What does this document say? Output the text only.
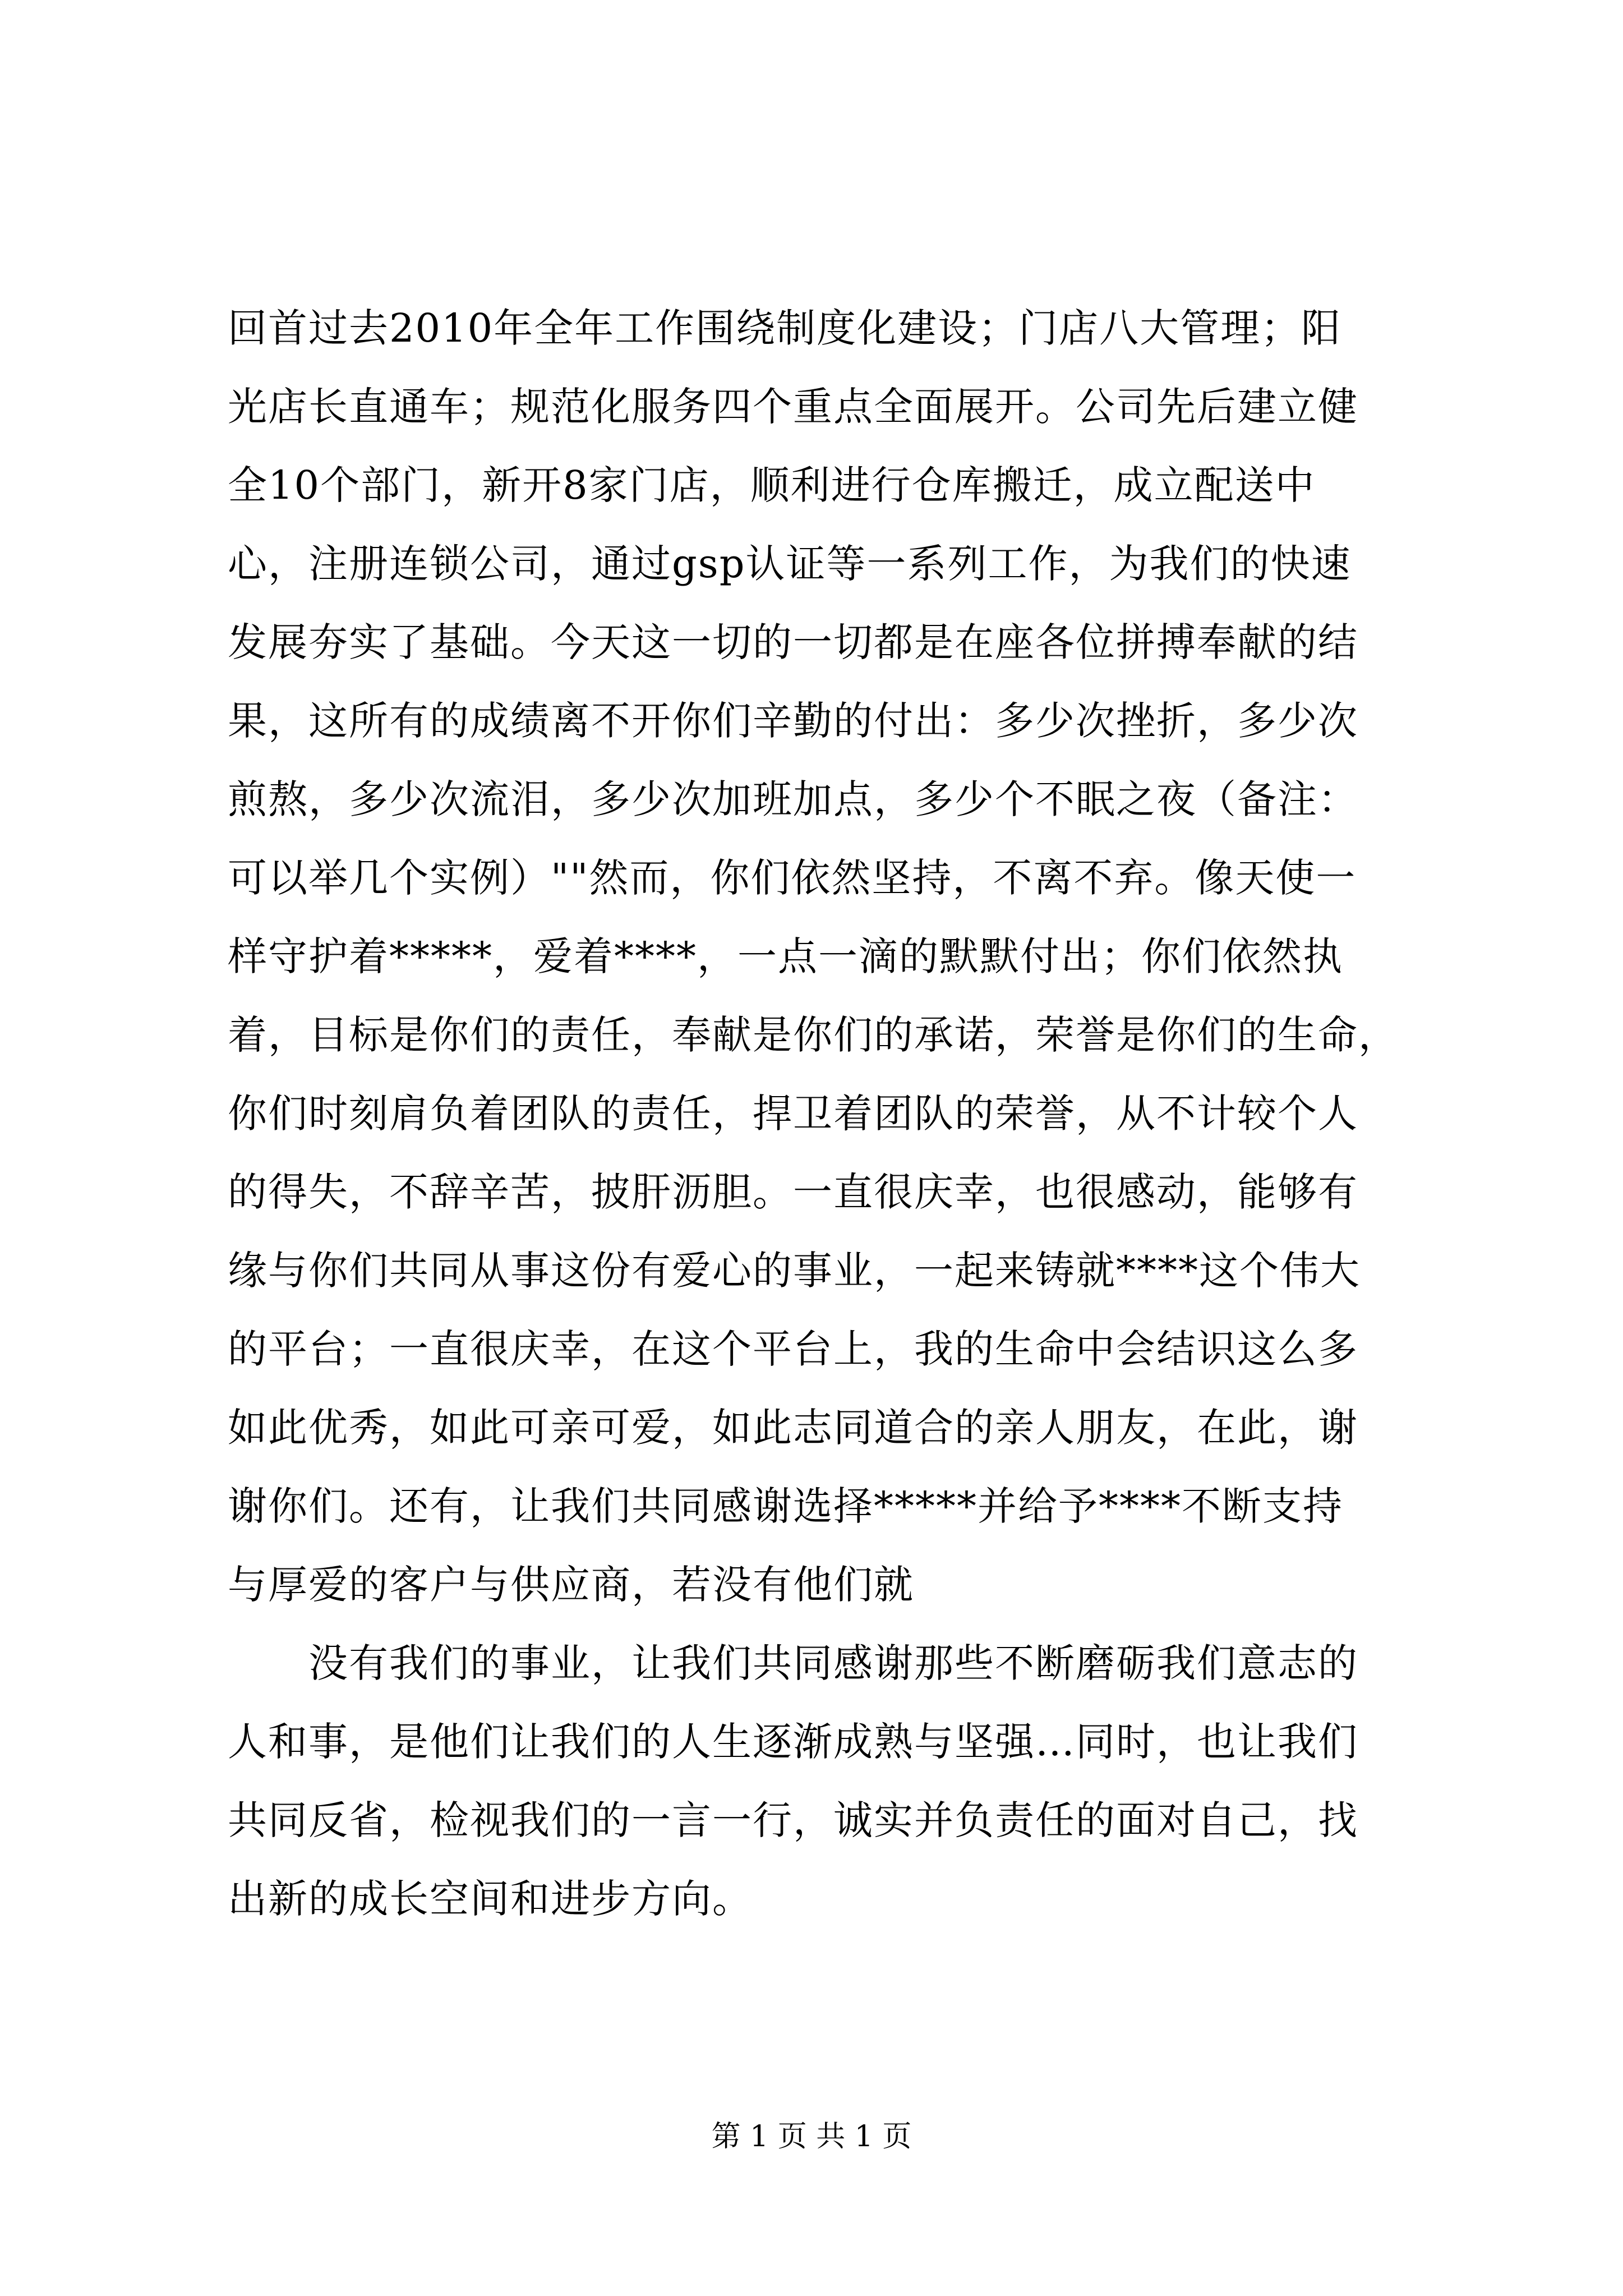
回首过去2010年全年工作围绕制度化建设；门店八大管理；阳
光店长直通车；规范化服务四个重点全面展开。公司先后建立健
全10个部门，新开8家门店，顺利进行仓库搬迁，成立配送中
心，注册连锁公司，通过gsp认证等一系列工作，为我们的快速
发展夯实了基础。今天这一切的一切都是在座各位拼搏奉献的结
果，这所有的成绩离不开你们辛勤的付出：多少次挫折，多少次
煎熬，多少次流泪，多少次加班加点，多少个不眠之夜（备注：
可以举几个实例）""然而，你们依然坚持，不离不弃。像天使一
样守护着*****，爱着****，一点一滴的默默付出；你们依然执
着，目标是你们的责任，奉献是你们的承诺，荣誉是你们的生命，
你们时刻肩负着团队的责任，捍卫着团队的荣誉，从不计较个人
的得失，不辞辛苦，披肝沥胆。一直很庆幸，也很感动，能够有
缘与你们共同从事这份有爱心的事业，一起来铸就****这个伟大
的平台；一直很庆幸，在这个平台上，我的生命中会结识这么多
如此优秀，如此可亲可爱，如此志同道合的亲人朋友，在此，谢
谢你们。还有，让我们共同感谢选择*****并给予****不断支持
与厚爱的客户与供应商，若没有他们就
　　没有我们的事业，让我们共同感谢那些不断磨砺我们意志的
人和事，是他们让我们的人生逐渐成熟与坚强…同时，也让我们
共同反省，检视我们的一言一行，诚实并负责任的面对自己，找
出新的成长空间和进步方向。
第 1 页 共 1 页
